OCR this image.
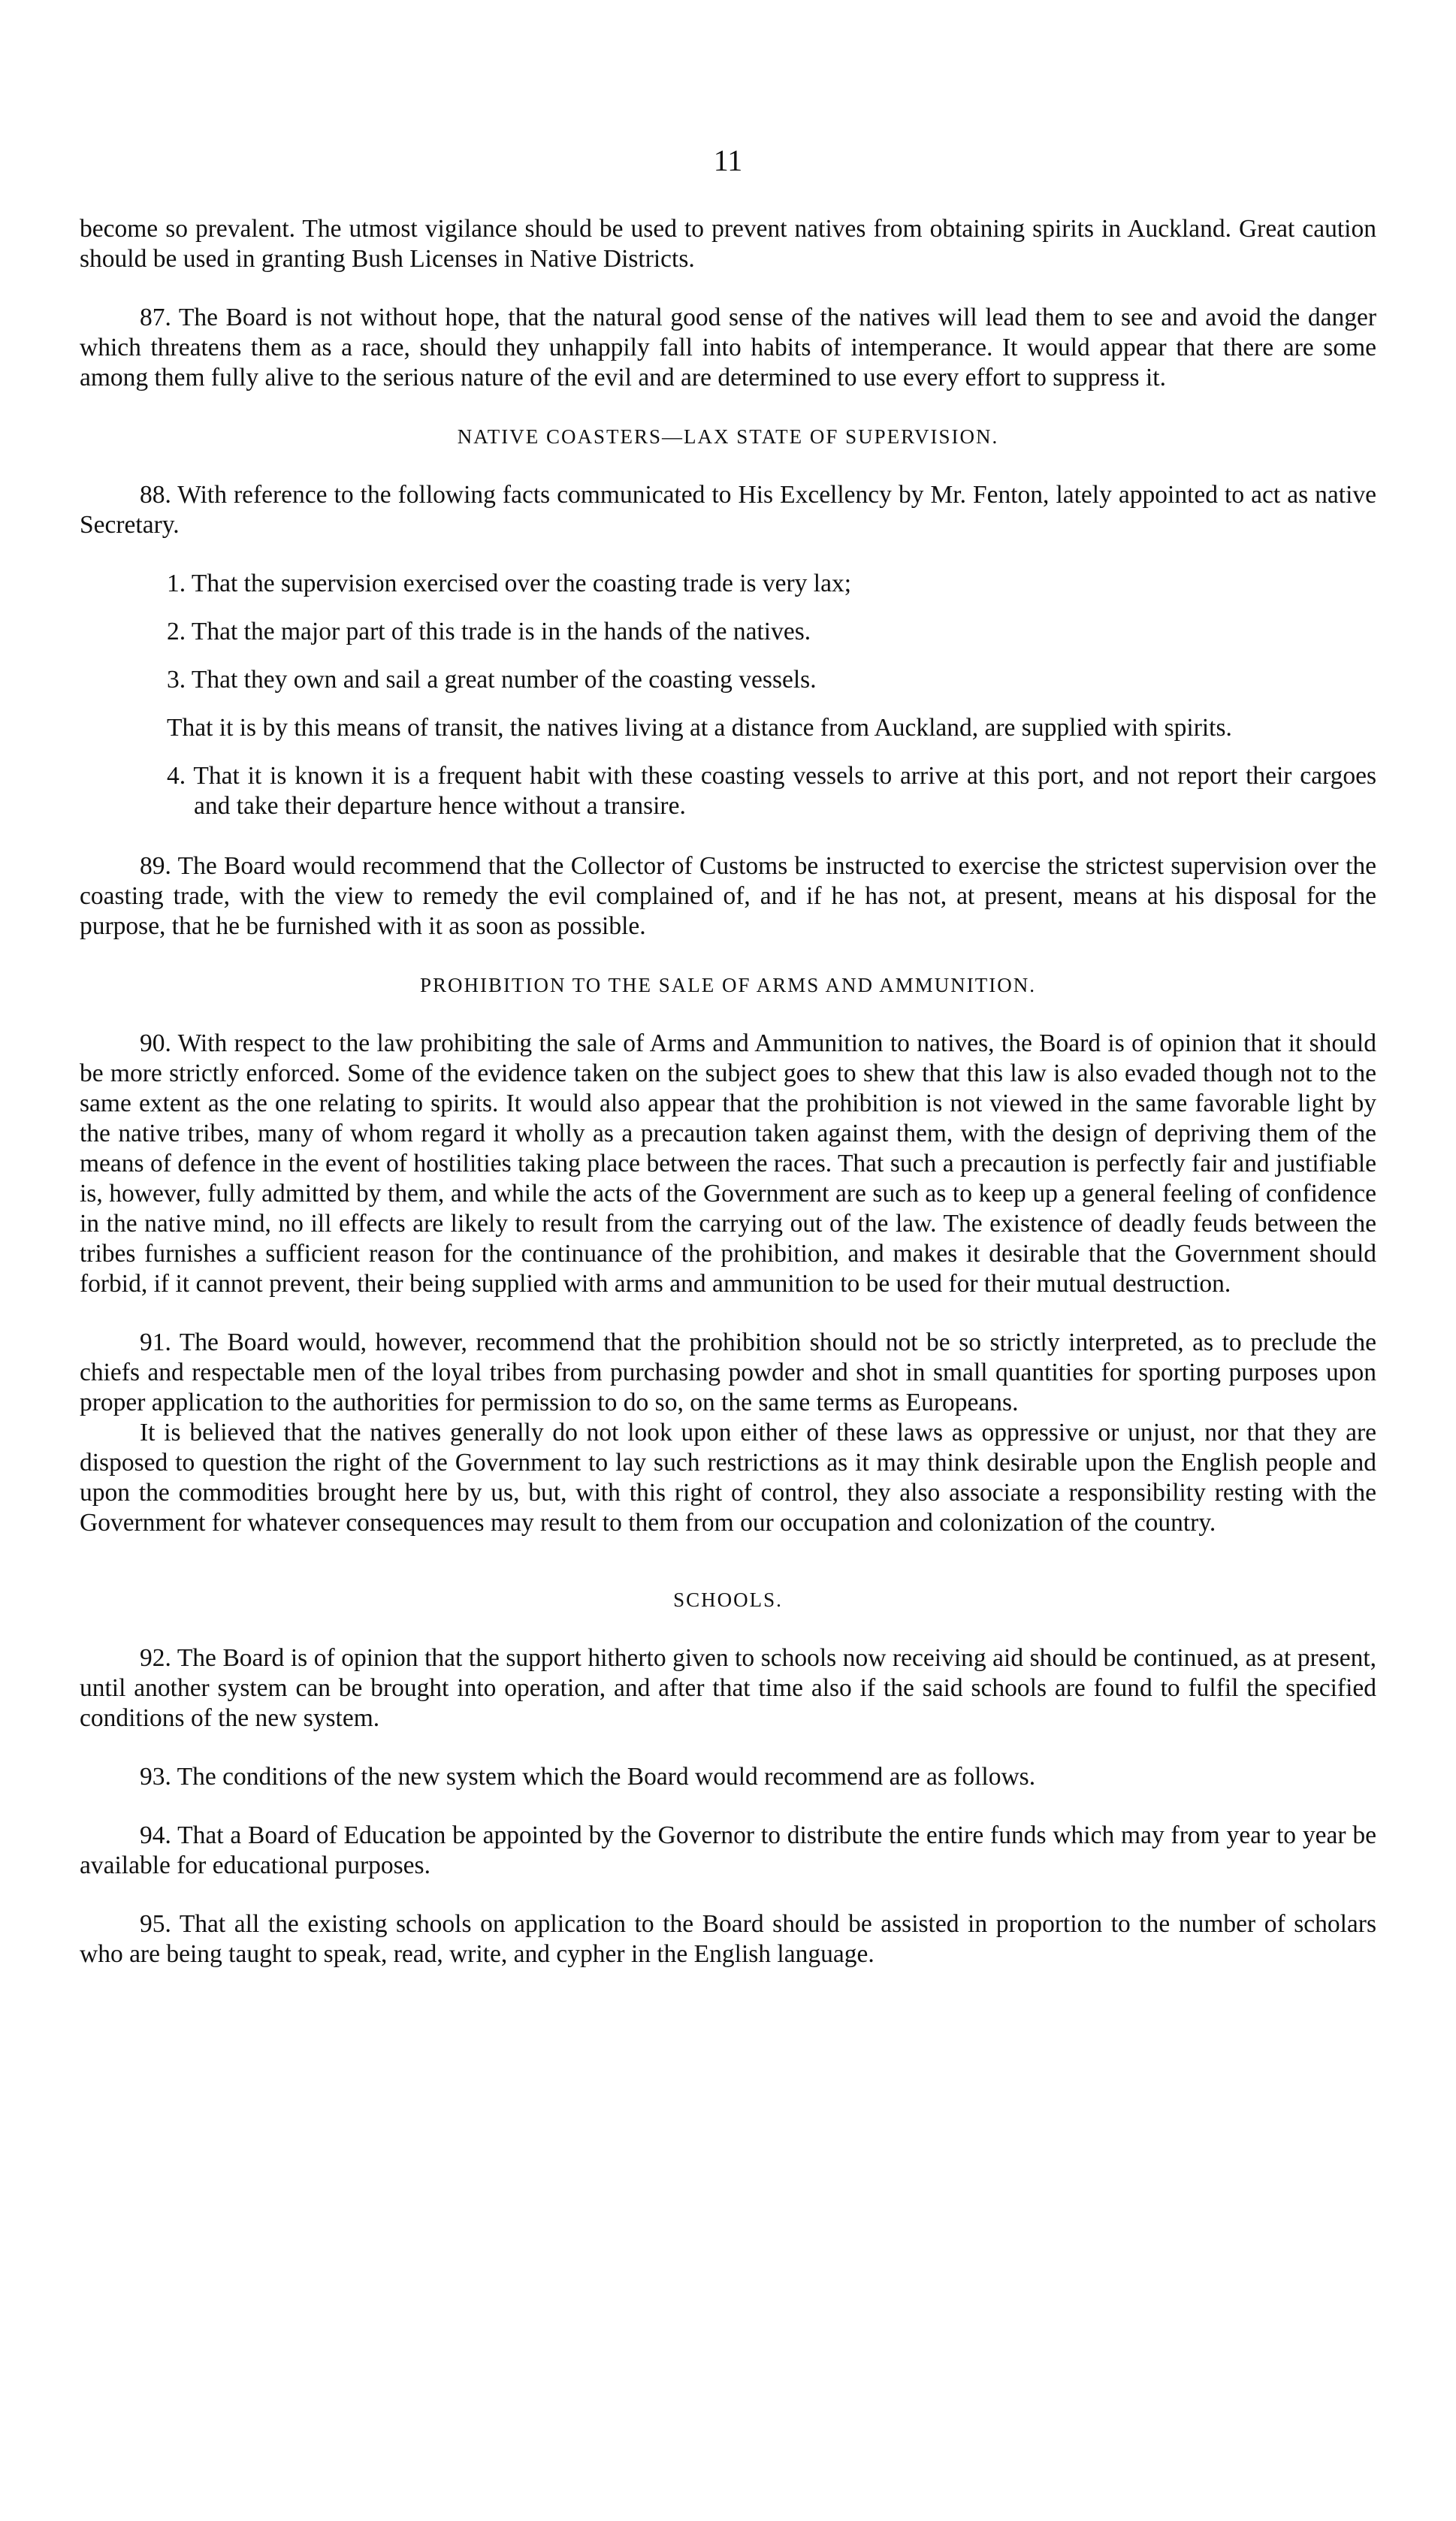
11

become so prevalent. The utmost vigilance should be used to prevent natives from obtaining spirits in Auckland. Great caution should be used in granting Bush Licenses in Native Districts.

87. The Board is not without hope, that the natural good sense of the natives will lead them to see and avoid the danger which threatens them as a race, should they unhappily fall into habits of intemperance. It would appear that there are some among them fully alive to the serious nature of the evil and are determined to use every effort to suppress it.

NATIVE COASTERS—LAX STATE OF SUPERVISION.

88. With reference to the following facts communicated to His Excellency by Mr. Fenton, lately appointed to act as native Secretary.

1. That the supervision exercised over the coasting trade is very lax;
2. That the major part of this trade is in the hands of the natives.
3. That they own and sail a great number of the coasting vessels.
That it is by this means of transit, the natives living at a distance from Auckland, are supplied with spirits.
4. That it is known it is a frequent habit with these coasting vessels to arrive at this port, and not report their cargoes and take their departure hence without a transire.

89. The Board would recommend that the Collector of Customs be instructed to exercise the strictest supervision over the coasting trade, with the view to remedy the evil complained of, and if he has not, at present, means at his disposal for the purpose, that he be furnished with it as soon as possible.

PROHIBITION TO THE SALE OF ARMS AND AMMUNITION.

90. With respect to the law prohibiting the sale of Arms and Ammunition to natives, the Board is of opinion that it should be more strictly enforced. Some of the evidence taken on the subject goes to shew that this law is also evaded though not to the same extent as the one relating to spirits. It would also appear that the prohibition is not viewed in the same favorable light by the native tribes, many of whom regard it wholly as a precaution taken against them, with the design of depriving them of the means of defence in the event of hostilities taking place between the races. That such a precaution is perfectly fair and justifiable is, however, fully admitted by them, and while the acts of the Government are such as to keep up a general feeling of confidence in the native mind, no ill effects are likely to result from the carrying out of the law. The existence of deadly feuds between the tribes furnishes a sufficient reason for the continuance of the prohibition, and makes it desirable that the Government should forbid, if it cannot prevent, their being supplied with arms and ammunition to be used for their mutual destruction.

91. The Board would, however, recommend that the prohibition should not be so strictly interpreted, as to preclude the chiefs and respectable men of the loyal tribes from purchasing powder and shot in small quantities for sporting purposes upon proper application to the authorities for permission to do so, on the same terms as Europeans.

It is believed that the natives generally do not look upon either of these laws as oppressive or unjust, nor that they are disposed to question the right of the Government to lay such restrictions as it may think desirable upon the English people and upon the commodities brought here by us, but, with this right of control, they also associate a responsibility resting with the Government for whatever consequences may result to them from our occupation and colonization of the country.

SCHOOLS.

92. The Board is of opinion that the support hitherto given to schools now receiving aid should be continued, as at present, until another system can be brought into operation, and after that time also if the said schools are found to fulfil the specified conditions of the new system.

93. The conditions of the new system which the Board would recommend are as follows.

94. That a Board of Education be appointed by the Governor to distribute the entire funds which may from year to year be available for educational purposes.

95. That all the existing schools on application to the Board should be assisted in proportion to the number of scholars who are being taught to speak, read, write, and cypher in the English language.
